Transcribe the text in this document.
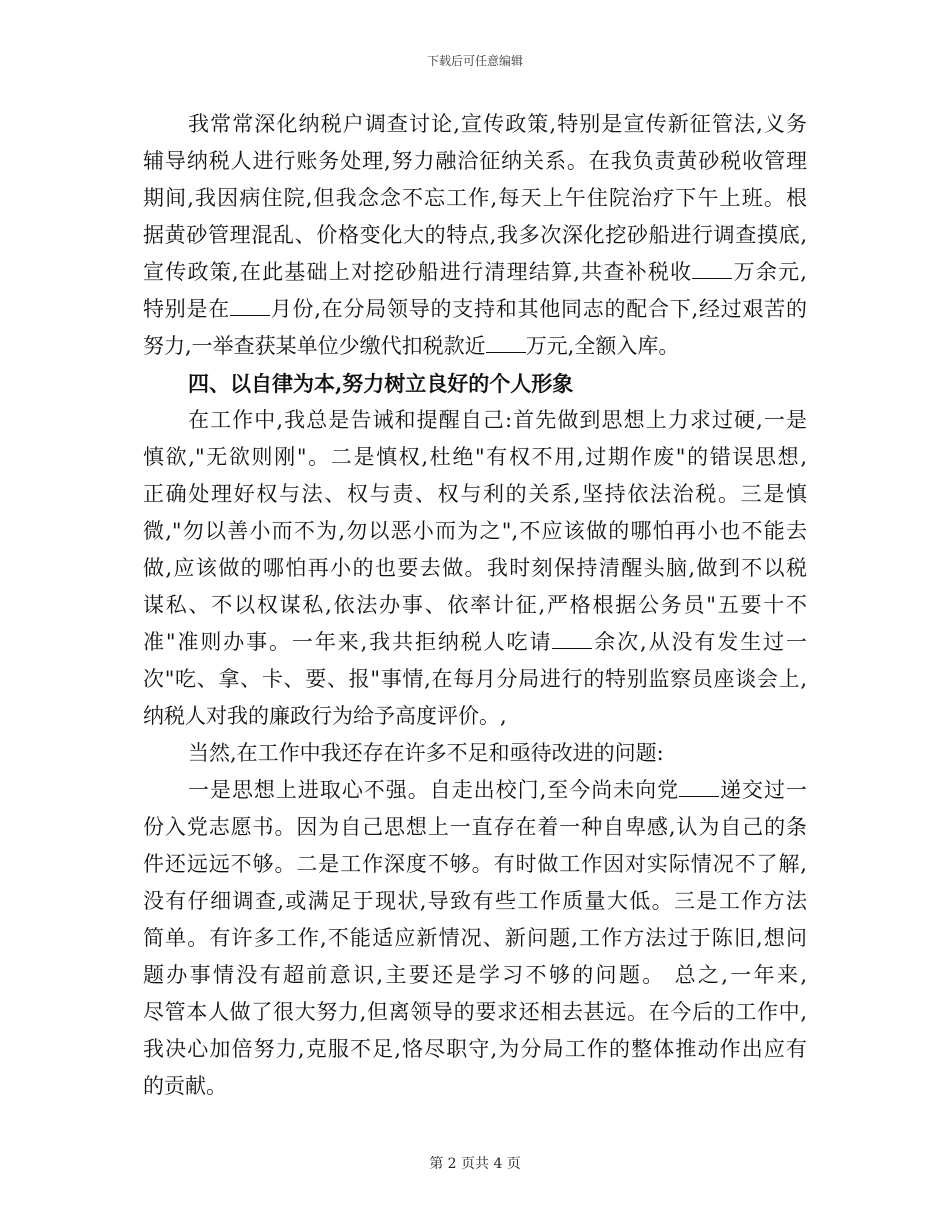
下载后可任意编辑
我常常深化纳税户调查讨论,宣传政策,特别是宣传新征管法,义务
辅导纳税人进行账务处理,努力融洽征纳关系。在我负责黄砂税收管理
期间,我因病住院,但我念念不忘工作,每天上午住院治疗下午上班。根
据黄砂管理混乱、价格变化大的特点,我多次深化挖砂船进行调查摸底,
宣传政策,在此基础上对挖砂船进行清理结算,共查补税收 万余元,
特别是在 月份,在分局领导的支持和其他同志的配合下,经过艰苦的
努力,一举查获某单位少缴代扣税款近 万元,全额入库。
四、以自律为本,努力树立良好的个人形象
在工作中,我总是告诫和提醒自己:首先做到思想上力求过硬,一是
慎欲,"无欲则刚"。二是慎权,杜绝"有权不用,过期作废"的错误思想,
正确处理好权与法、权与责、权与利的关系,坚持依法治税。三是慎
微,"勿以善小而不为,勿以恶小而为之",不应该做的哪怕再小也不能去
做,应该做的哪怕再小的也要去做。我时刻保持清醒头脑,做到不以税
谋私、不以权谋私,依法办事、依率计征,严格根据公务员"五要十不
准"准则办事。一年来,我共拒纳税人吃请 余次,从没有发生过一
次"吃、拿、卡、要、报"事情,在每月分局进行的特别监察员座谈会上,
纳税人对我的廉政行为给予高度评价。,
当然,在工作中我还存在许多不足和亟待改进的问题:
一是思想上进取心不强。自走出校门,至今尚未向党 递交过一
份入党志愿书。因为自己思想上一直存在着一种自卑感,认为自己的条
件还远远不够。二是工作深度不够。有时做工作因对实际情况不了解,
没有仔细调查,或满足于现状,导致有些工作质量大低。三是工作方法
简单。有许多工作,不能适应新情况、新问题,工作方法过于陈旧,想问
题办事情没有超前意识,主要还是学习不够的问题。 总之,一年来,
尽管本人做了很大努力,但离领导的要求还相去甚远。在今后的工作中,
我决心加倍努力,克服不足,恪尽职守,为分局工作的整体推动作出应有
的贡献。
第 2 页共 4 页
